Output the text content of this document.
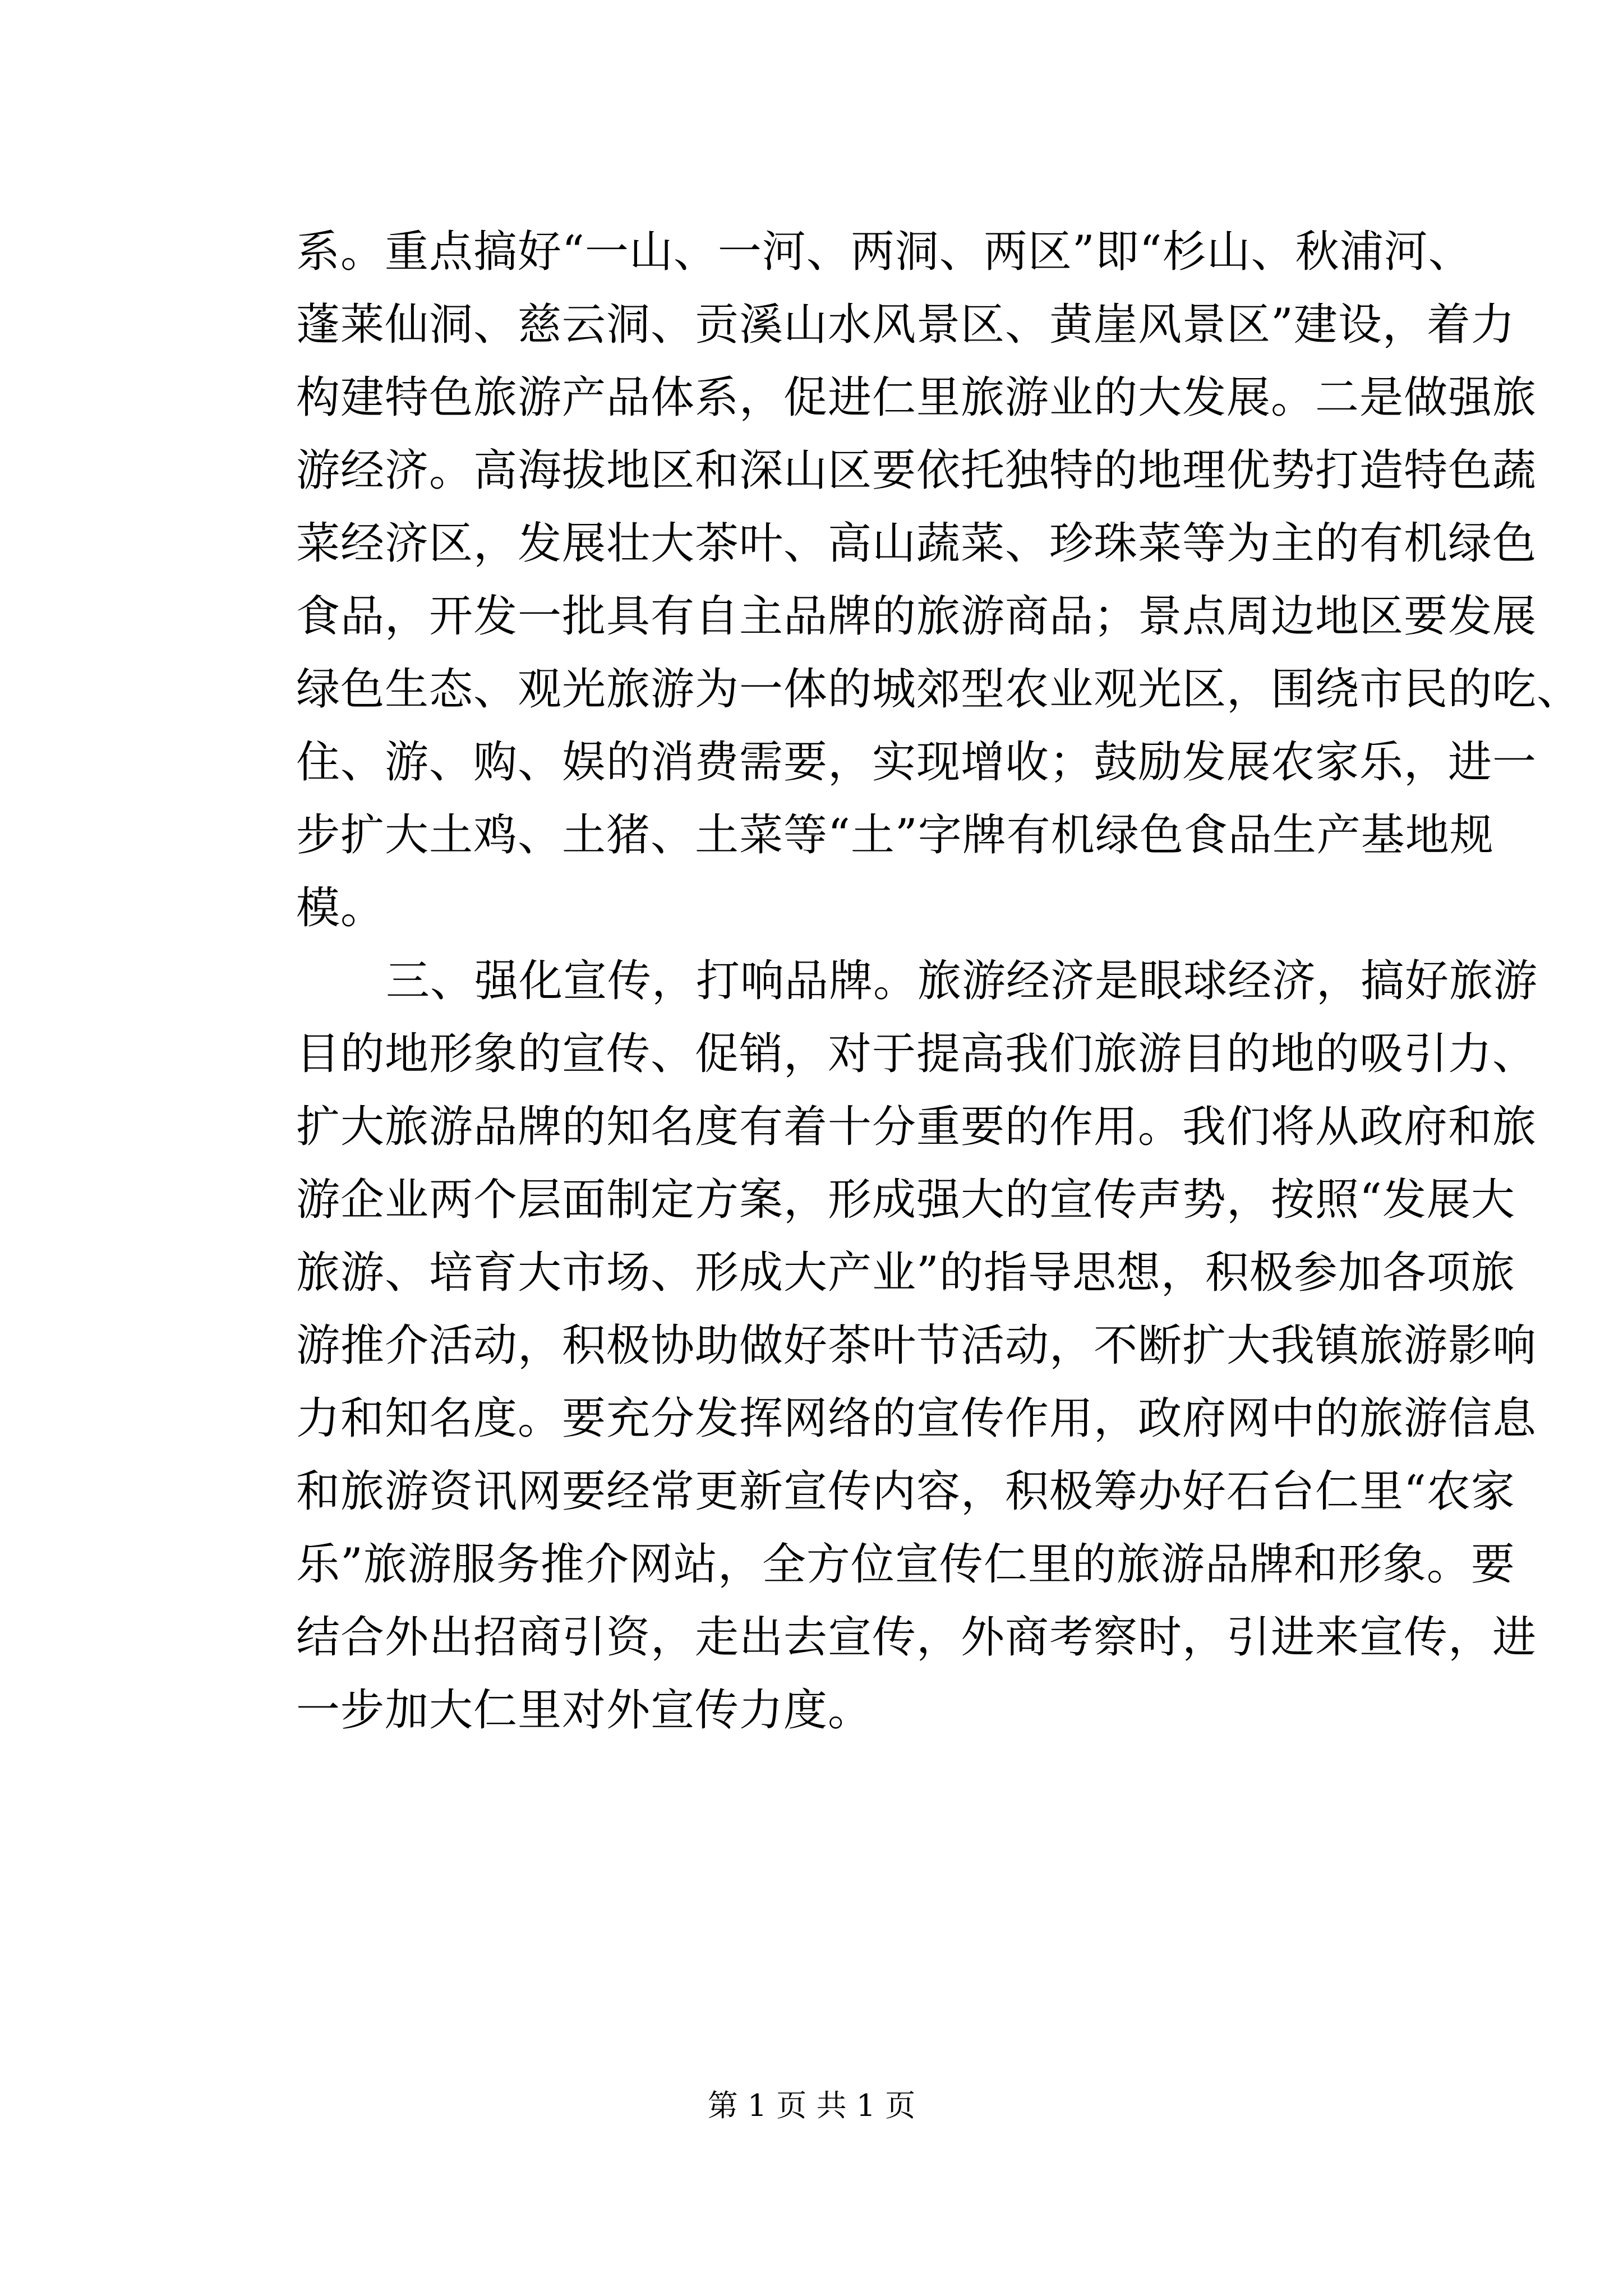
系。重点搞好“一山、一河、两洞、两区”即“杉山、秋浦河、
蓬莱仙洞、慈云洞、贡溪山水风景区、黄崖风景区”建设，着力
构建特色旅游产品体系，促进仁里旅游业的大发展。二是做强旅
游经济。高海拔地区和深山区要依托独特的地理优势打造特色蔬
菜经济区，发展壮大茶叶、高山蔬菜、珍珠菜等为主的有机绿色
食品，开发一批具有自主品牌的旅游商品；景点周边地区要发展
绿色生态、观光旅游为一体的城郊型农业观光区，围绕市民的吃、
住、游、购、娱的消费需要，实现增收；鼓励发展农家乐，进一
步扩大土鸡、土猪、土菜等“土”字牌有机绿色食品生产基地规
模。
三、强化宣传，打响品牌。旅游经济是眼球经济，搞好旅游
目的地形象的宣传、促销，对于提高我们旅游目的地的吸引力、
扩大旅游品牌的知名度有着十分重要的作用。我们将从政府和旅
游企业两个层面制定方案，形成强大的宣传声势，按照“发展大
旅游、培育大市场、形成大产业”的指导思想，积极参加各项旅
游推介活动，积极协助做好茶叶节活动，不断扩大我镇旅游影响
力和知名度。要充分发挥网络的宣传作用，政府网中的旅游信息
和旅游资讯网要经常更新宣传内容，积极筹办好石台仁里“农家
乐”旅游服务推介网站，全方位宣传仁里的旅游品牌和形象。要
结合外出招商引资，走出去宣传，外商考察时，引进来宣传，进
一步加大仁里对外宣传力度。
第 1 页 共 1 页
